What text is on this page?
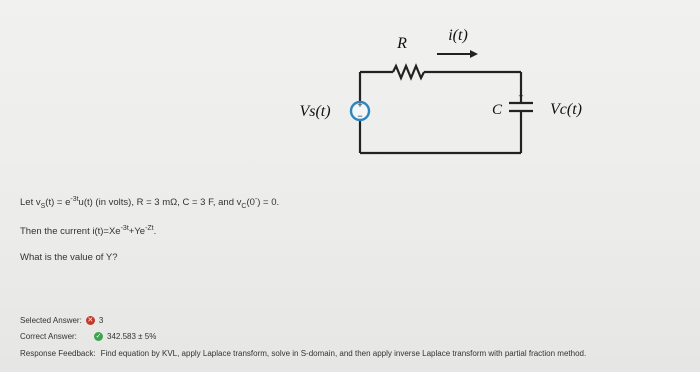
+
−
+
R	i(t)
Vs(t)	C	Vc(t)
Let $v_S(t) = e^{-3t}u(t)$ (in volts), R = 3 mΩ, C = 3 F, and $v_C(0^-) = 0$.
Then the current $i(t)=Xe^{-3t}+Ye^{-Zt}$.
What is the value of Y?
Selected Answer: ✕ 3
Correct Answer:	✓ 342.583 ± 5%
Response Feedback: Find equation by KVL, apply Laplace transform, solve in S-domain, and then apply inverse Laplace transform with partial fraction method.
